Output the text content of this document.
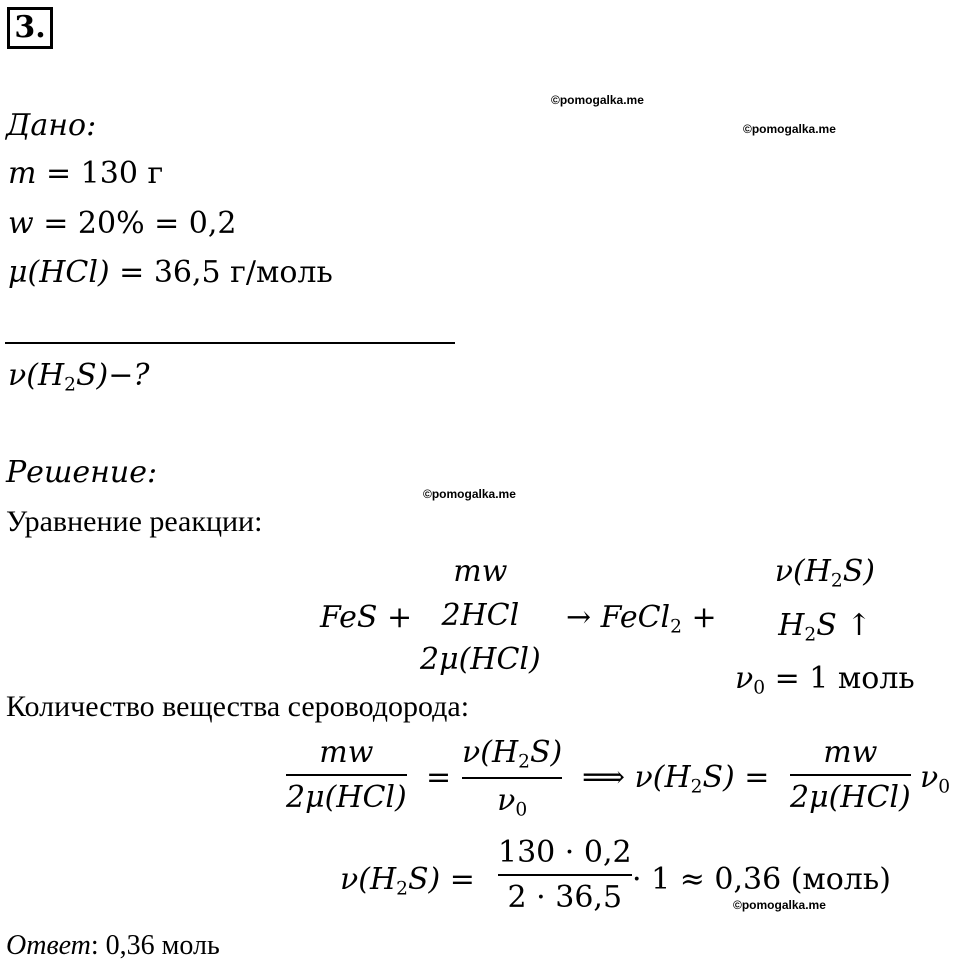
3.
©pomogalka.me
©pomogalka.me
©pomogalka.me
©pomogalka.me
Дано:
m = 130 г
w = 20% = 0,2
μ(HCl) = 36,5 г/моль
$\nu(H_2S)-$?
Решение:
Уравнение реакции:
FeS +
mw
2HCl
2μ(HCl)
→ FeCl$_2$ +
$\nu(H_2S)$
$H_2S$ ↑
$\nu_0 = 1$ моль
Количество вещества сероводорода:
mw
2μ(HCl)
=
$\nu(H_2S)$
$\nu_0$
⟹ $\nu(H_2S)$ =
mw
2μ(HCl)
$\nu_0$
$\nu(H_2S)$ =
130 · 0,2
2 · 36,5
· 1 ≈ 0,36 (моль)
Ответ: 0,36 моль
